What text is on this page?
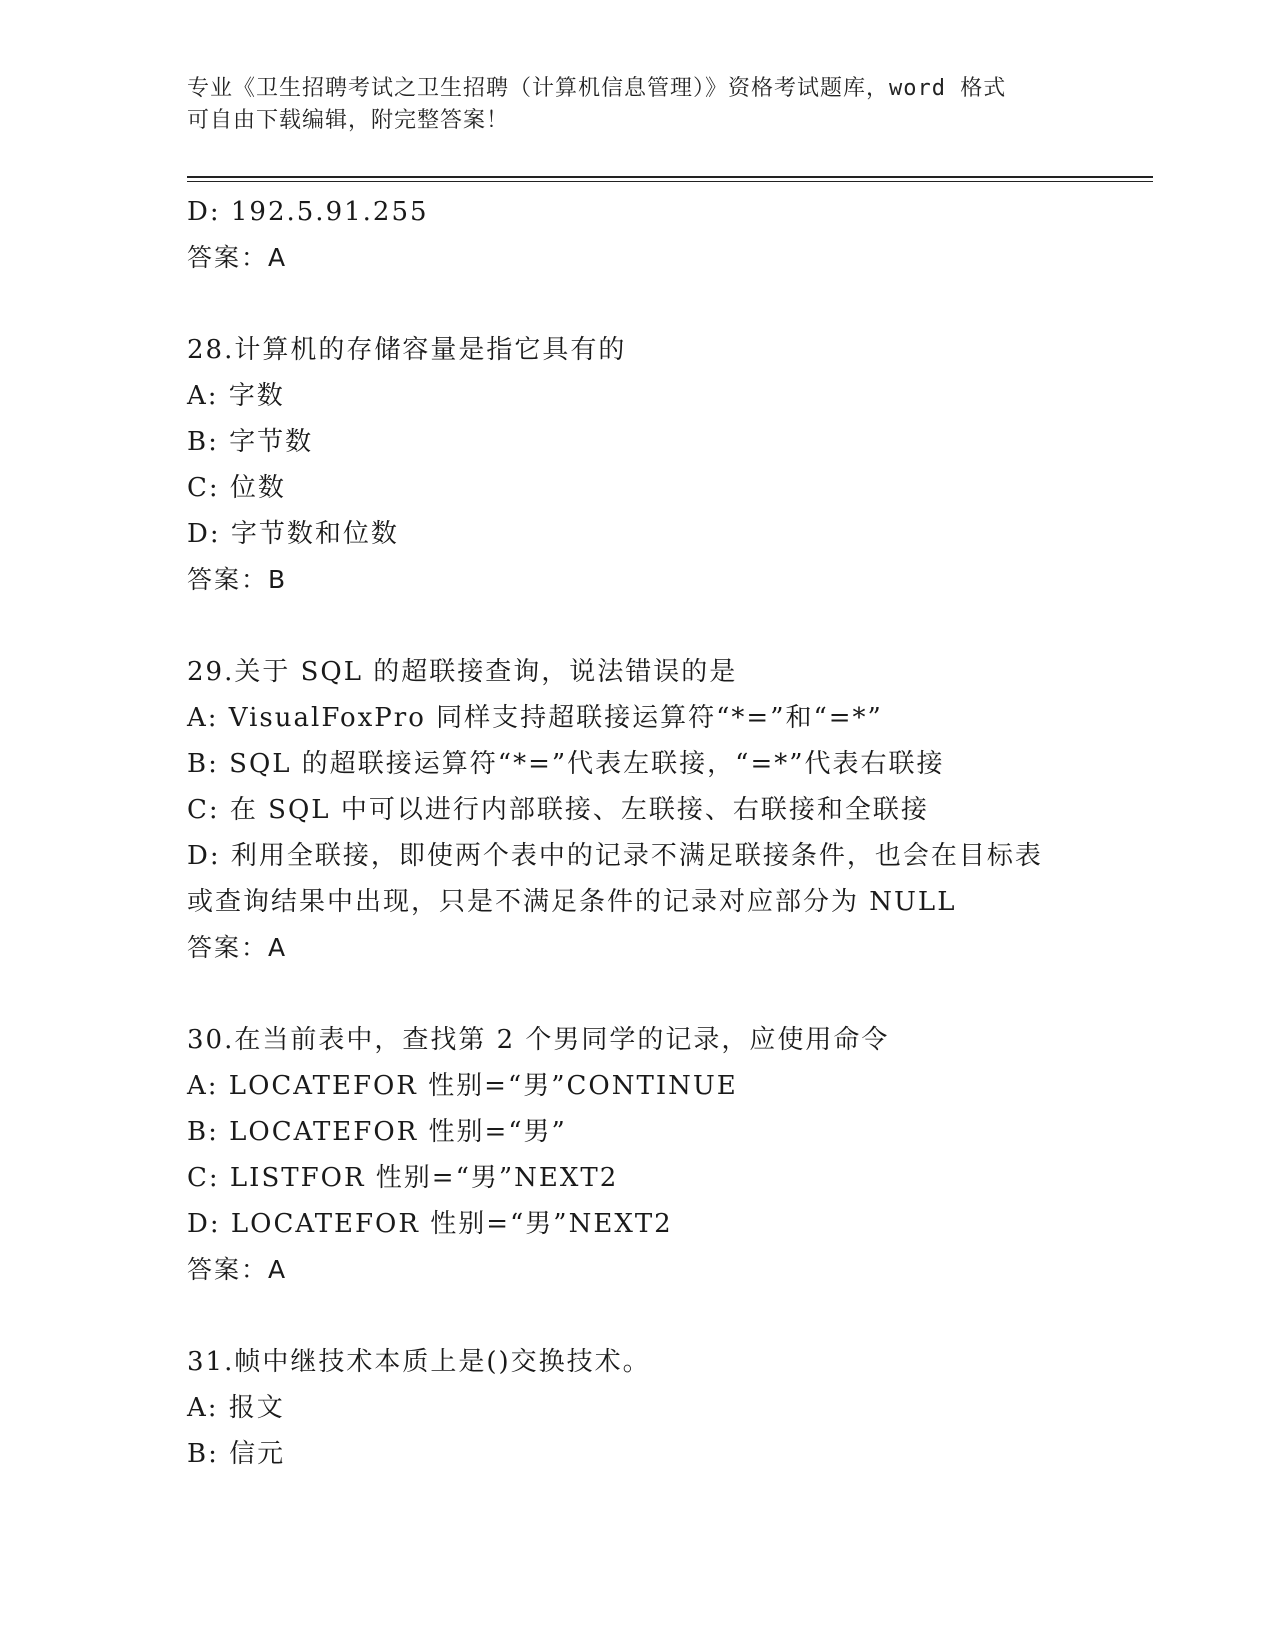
专业《卫生招聘考试之卫生招聘（计算机信息管理）》资格考试题库，word 格式
可自由下载编辑，附完整答案！
D: 192.5.91.255
答案：A
28.计算机的存储容量是指它具有的
A: 字数
B: 字节数
C: 位数
D: 字节数和位数
答案：B
29.关于 SQL 的超联接查询，说法错误的是
A: VisualFoxPro 同样支持超联接运算符“*=”和“=*”
B: SQL 的超联接运算符“*=”代表左联接，“=*”代表右联接
C: 在 SQL 中可以进行内部联接、左联接、右联接和全联接
D: 利用全联接，即使两个表中的记录不满足联接条件，也会在目标表
或查询结果中出现，只是不满足条件的记录对应部分为 NULL
答案：A
30.在当前表中，查找第 2 个男同学的记录，应使用命令
A: LOCATEFOR 性别=“男”CONTINUE
B: LOCATEFOR 性别=“男”
C: LISTFOR 性别=“男”NEXT2
D: LOCATEFOR 性别=“男”NEXT2
答案：A
31.帧中继技术本质上是()交换技术。
A: 报文
B: 信元
